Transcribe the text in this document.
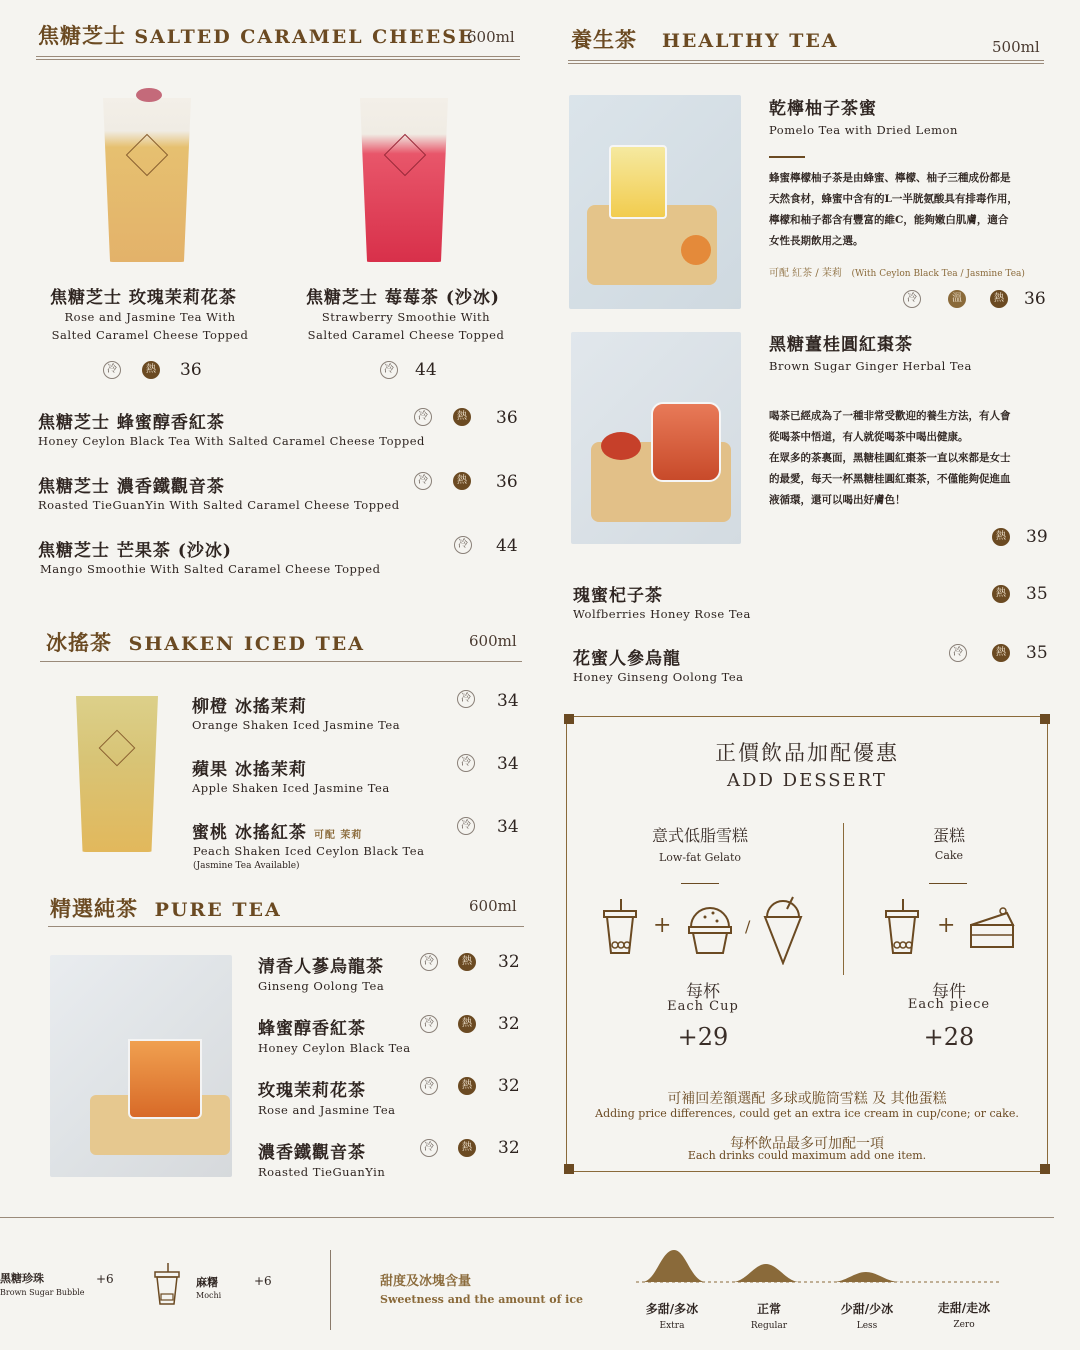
焦糖芝士 SALTED CARAMEL CHEESE
600ml
焦糖芝士 玫瑰茉莉花茶
Rose and Jasmine Tea With
Salted Caramel Cheese Topped
冷	熱 36
焦糖芝士 莓莓茶 (沙冰)
Strawberry Smoothie With
Salted Caramel Cheese Topped
冷 44
焦糖芝士 蜂蜜醇香紅茶
Honey Ceylon Black Tea With Salted Caramel Cheese Topped
冷	熱 36
焦糖芝士 濃香鐵觀音茶
Roasted TieGuanYin With Salted Caramel Cheese Topped
冷	熱 36
焦糖芝士 芒果茶 (沙冰)
Mango Smoothie With Salted Caramel Cheese Topped
冷 44
冰搖茶 SHAKEN ICED TEA	600ml
柳橙 冰搖茉莉
Orange Shaken Iced Jasmine Tea
冷 34
蘋果 冰搖茉莉
Apple Shaken Iced Jasmine Tea
冷 34
蜜桃 冰搖紅茶 可配 茉莉
Peach Shaken Iced Ceylon Black Tea
(Jasmine Tea Available)
冷 34
精選純茶 PURE TEA	600ml
清香人蔘烏龍茶
Ginseng Oolong Tea
冷	熱 32
蜂蜜醇香紅茶
Honey Ceylon Black Tea
冷	熱 32
玫瑰茉莉花茶
Rose and Jasmine Tea
冷	熱 32
濃香鐵觀音茶
Roasted TieGuanYin
冷	熱 32
養生茶 HEALTHY TEA	500ml
乾檸柚子茶蜜
Pomelo Tea with Dried Lemon
蜂蜜檸檬柚子茶是由蜂蜜、檸檬、柚子三種成份都是
天然食材，蜂蜜中含有的L一半胱氨酸具有排毒作用，
檸檬和柚子都含有豐富的維C，能夠嫩白肌膚，適合
女性長期飲用之選。
可配 紅茶 / 茉莉 (With Ceylon Black Tea / Jasmine Tea)
冷	溫	熱 36
黑糖薑桂圓紅棗茶
Brown Sugar Ginger Herbal Tea
喝茶已經成為了一種非常受歡迎的養生方法，有人會
從喝茶中悟道，有人就從喝茶中喝出健康。
在眾多的茶裏面，黑糖桂圓紅棗茶一直以來都是女士
的最愛，每天一杯黑糖桂圓紅棗茶，不僅能夠促進血
液循環，還可以喝出好膚色！
熱 39
瑰蜜杞子茶
Wolfberries Honey Rose Tea
熱 35
花蜜人參烏龍
Honey Ginseng Oolong Tea
冷	熱 35
正價飲品加配優惠
ADD DESSERT
意式低脂雪糕
Low-fat Gelato
蛋糕
Cake
+	/	+
每杯
Each Cup
+29
每件
Each piece
+28
可補回差額選配 多球或脆筒雪糕 及 其他蛋糕
Adding price differences, could get an extra ice cream in cup/cone; or cake.
每杯飲品最多可加配一項
Each drinks could maximum add one item.
黑糖珍珠
Brown Sugar Bubble
+6	麻糬
Mochi
+6	甜度及冰塊含量
Sweetness and the amount of ice
多甜/多冰
Extra
正常
Regular
少甜/少冰
Less
走甜/走冰
Zero
